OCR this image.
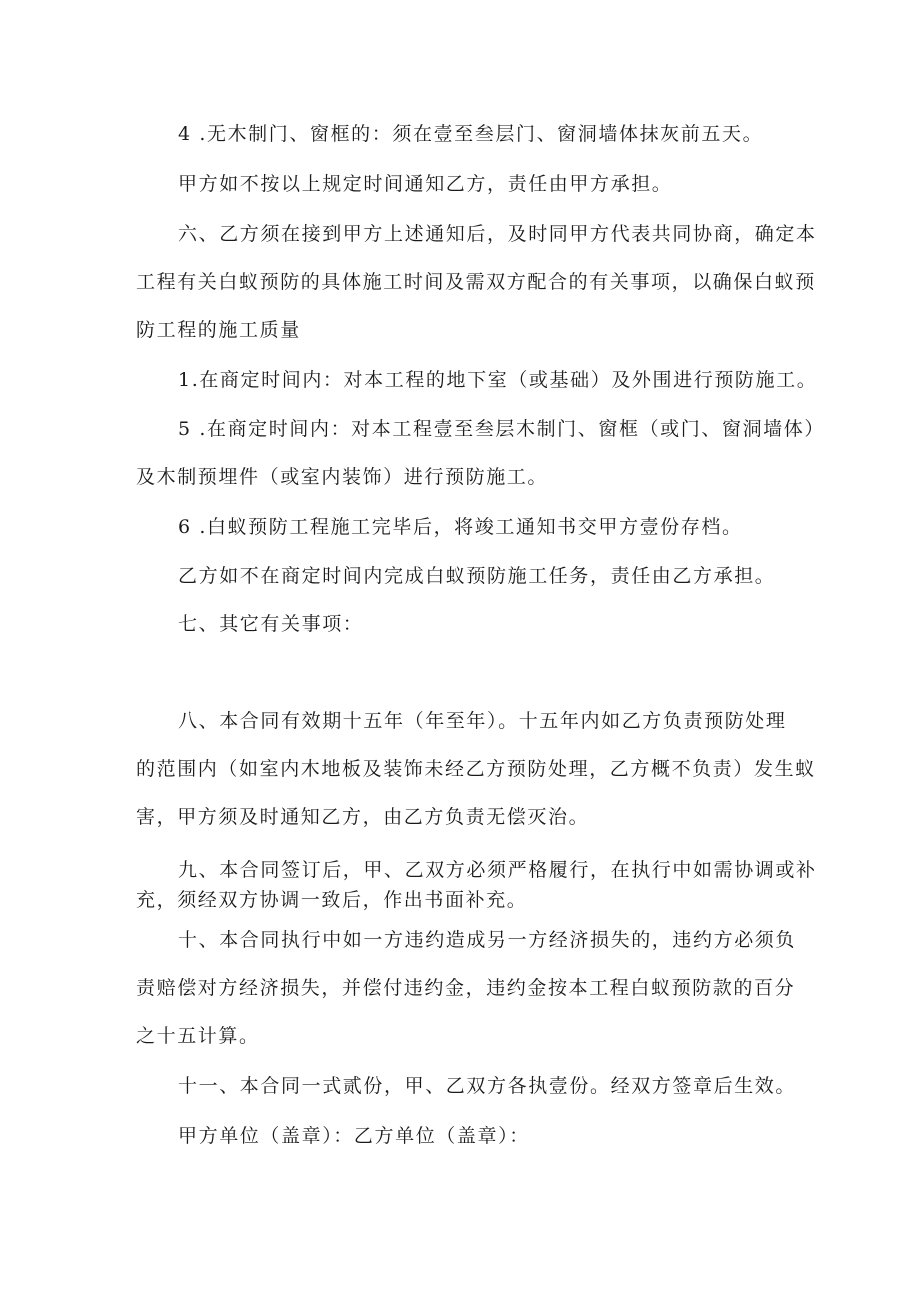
4 .无木制门、窗框的：须在壹至叁层门、窗洞墙体抹灰前五天。
甲方如不按以上规定时间通知乙方，责任由甲方承担。
六、乙方须在接到甲方上述通知后，及时同甲方代表共同协商，确定本
工程有关白蚁预防的具体施工时间及需双方配合的有关事项，以确保白蚁预
防工程的施工质量
1.在商定时间内：对本工程的地下室（或基础）及外围进行预防施工。
5 .在商定时间内：对本工程壹至叁层木制门、窗框（或门、窗洞墙体）
及木制预埋件（或室内装饰）进行预防施工。
6 .白蚁预防工程施工完毕后，将竣工通知书交甲方壹份存档。
乙方如不在商定时间内完成白蚁预防施工任务，责任由乙方承担。
七、其它有关事项：
八、本合同有效期十五年（年至年）。十五年内如乙方负责预防处理
的范围内（如室内木地板及装饰未经乙方预防处理，乙方概不负责）发生蚁
害，甲方须及时通知乙方，由乙方负责无偿灭治。
九、本合同签订后，甲、乙双方必须严格履行，在执行中如需协调或补
充，须经双方协调一致后，作出书面补充。
十、本合同执行中如一方违约造成另一方经济损失的，违约方必须负
责赔偿对方经济损失，并偿付违约金，违约金按本工程白蚁预防款的百分
之十五计算。
十一、本合同一式贰份，甲、乙双方各执壹份。经双方签章后生效。
甲方单位（盖章）：乙方单位（盖章）：
